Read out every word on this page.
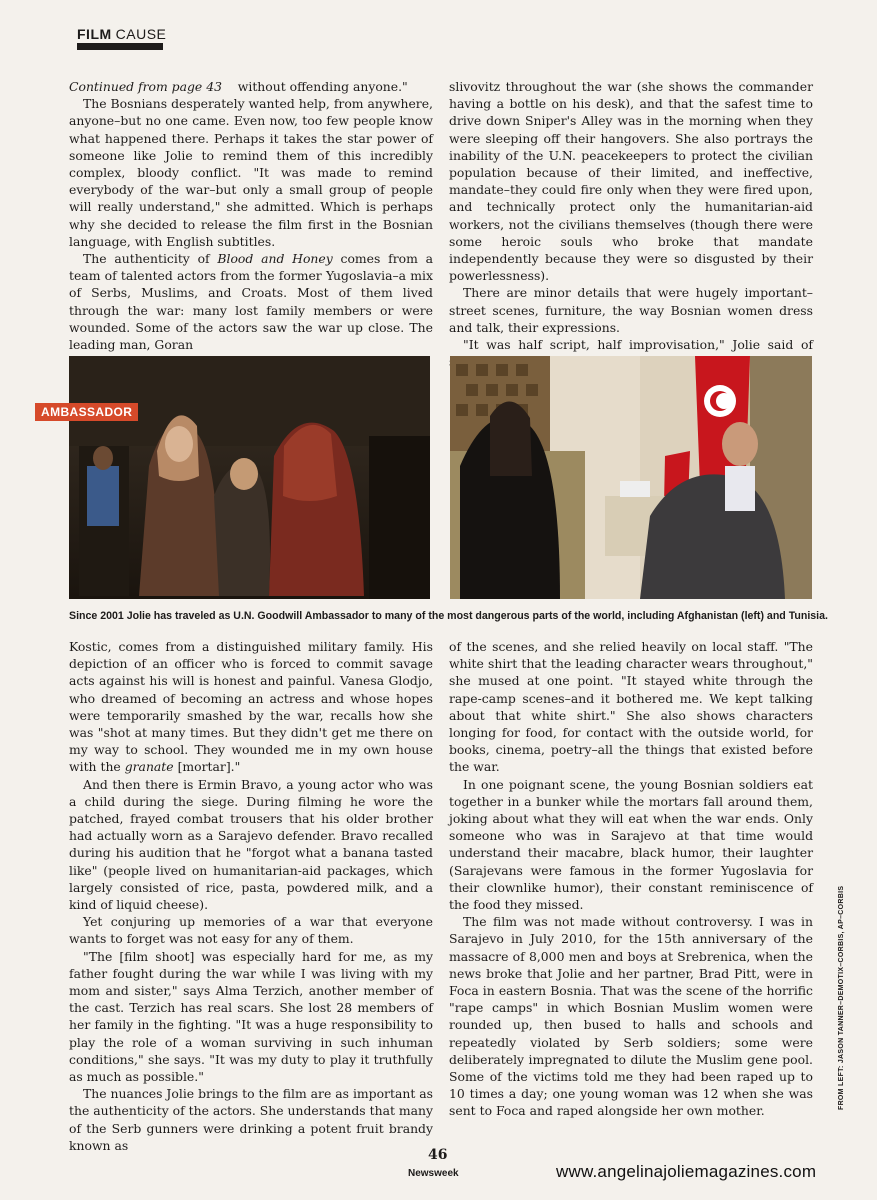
FILM CAUSE

Continued from page 43 without offending anyone."

The Bosnians desperately wanted help, from anywhere, anyone–but no one came. Even now, too few people know what happened there. Perhaps it takes the star power of someone like Jolie to remind them of this incredibly complex, bloody conflict. "It was made to remind everybody of the war–but only a small group of people will really understand," she admitted. Which is perhaps why she decided to release the film first in the Bosnian language, with English subtitles.

The authenticity of Blood and Honey comes from a team of talented actors from the former Yugoslavia–a mix of Serbs, Muslims, and Croats. Most of them lived through the war: many lost family members or were wounded. Some of the actors saw the war up close. The leading man, Goran

slivovitz throughout the war (she shows the commander having a bottle on his desk), and that the safest time to drive down Sniper's Alley was in the morning when they were sleeping off their hangovers. She also portrays the inability of the U.N. peacekeepers to protect the civilian population because of their limited, and ineffective, mandate–they could fire only when they were fired upon, and technically protect only the humanitarian-aid workers, not the civilians themselves (though there were some heroic souls who broke that mandate independently because they were so disgusted by their powerlessness).

There are minor details that were hugely important–street scenes, furniture, the way Bosnian women dress and talk, their expressions.

"It was half script, half improvisation," Jolie said of

AMBASSADOR
Since 2001 Jolie has traveled as U.N. Goodwill Ambassador to many of the most dangerous parts of the world, including Afghanistan (left) and Tunisia.

Kostic, comes from a distinguished military family. His depiction of an officer who is forced to commit savage acts against his will is honest and painful. Vanesa Glodjo, who dreamed of becoming an actress and whose hopes were temporarily smashed by the war, recalls how she was "shot at many times. But they didn't get me there on my way to school. They wounded me in my own house with the granate [mortar]."

And then there is Ermin Bravo, a young actor who was a child during the siege. During filming he wore the patched, frayed combat trousers that his older brother had actually worn as a Sarajevo defender. Bravo recalled during his audition that he "forgot what a banana tasted like" (people lived on humanitarian-aid packages, which largely consisted of rice, pasta, powdered milk, and a kind of liquid cheese).

Yet conjuring up memories of a war that everyone wants to forget was not easy for any of them.

"The [film shoot] was especially hard for me, as my father fought during the war while I was living with my mom and sister," says Alma Terzich, another member of the cast. Terzich has real scars. She lost 28 members of her family in the fighting. "It was a huge responsibility to play the role of a woman surviving in such inhuman conditions," she says. "It was my duty to play it truthfully as much as possible."

The nuances Jolie brings to the film are as important as the authenticity of the actors. She understands that many of the Serb gunners were drinking a potent fruit brandy known as

of the scenes, and she relied heavily on local staff. "The white shirt that the leading character wears throughout," she mused at one point. "It stayed white through the rape-camp scenes–and it bothered me. We kept talking about that white shirt." She also shows characters longing for food, for contact with the outside world, for books, cinema, poetry–all the things that existed before the war.

In one poignant scene, the young Bosnian soldiers eat together in a bunker while the mortars fall around them, joking about what they will eat when the war ends. Only someone who was in Sarajevo at that time would understand their macabre, black humor, their laughter (Sarajevans were famous in the former Yugoslavia for their clownlike humor), their constant reminiscence of the food they missed.

The film was not made without controversy. I was in Sarajevo in July 2010, for the 15th anniversary of the massacre of 8,000 men and boys at Srebrenica, when the news broke that Jolie and her partner, Brad Pitt, were in Foca in eastern Bosnia. That was the scene of the horrific "rape camps" in which Bosnian Muslim women were rounded up, then bused to halls and schools and repeatedly violated by Serb soldiers; some were deliberately impregnated to dilute the Muslim gene pool. Some of the victims told me they had been raped up to 10 times a day; one young woman was 12 when she was sent to Foca and raped alongside her own mother.

FROM LEFT: JASON TANNER–DEMOTIX–CORBIS, AP–CORBIS
46
Newsweek	www.angelinajoliemagazines.com
